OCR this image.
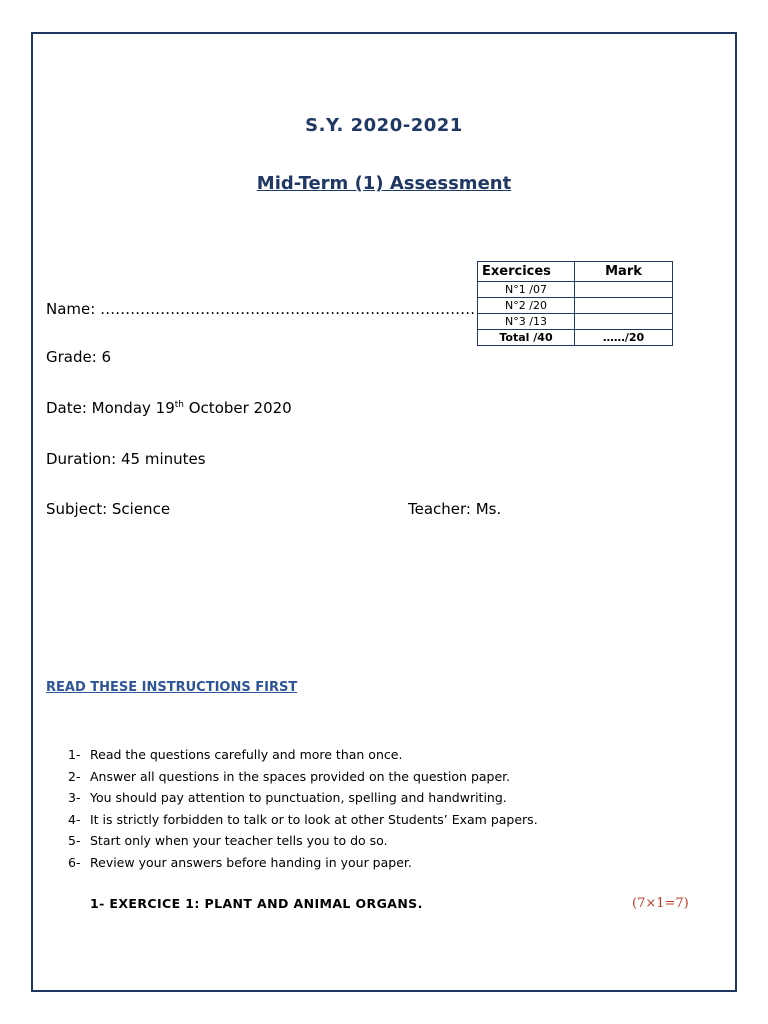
S.Y. 2020-2021
Mid-Term (1) Assessment
Exercices	Mark
N°1 /07	
N°2 /20	
N°3 /13	
Total /40	……/20
Name: …………………………………………………………………
Grade: 6
Date: Monday 19th October 2020
Duration: 45 minutes
Subject: Science	Teacher: Ms.
READ THESE INSTRUCTIONS FIRST
1- Read the questions carefully and more than once.
2- Answer all questions in the spaces provided on the question paper.
3- You should pay attention to punctuation, spelling and handwriting.
4- It is strictly forbidden to talk or to look at other Students’ Exam papers.
5- Start only when your teacher tells you to do so.
6- Review your answers before handing in your paper.
1- EXERCICE 1: PLANT AND ANIMAL ORGANS.	(7×1=7)
